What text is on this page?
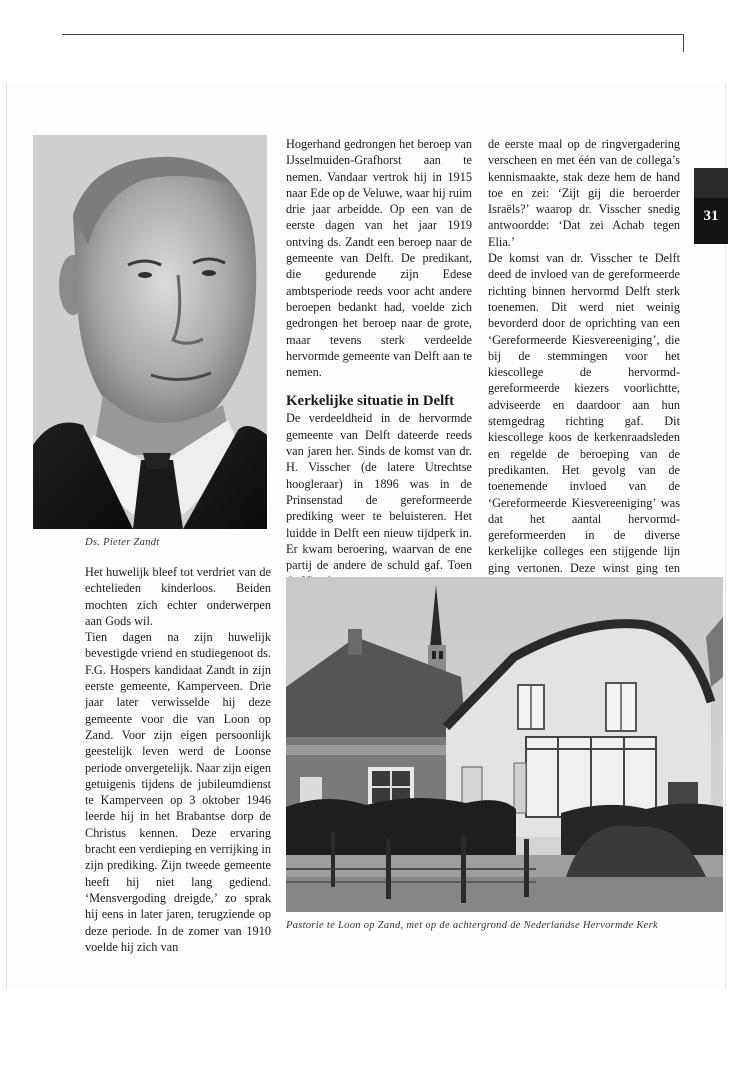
31
Ds. Pieter Zandt

Het huwelijk bleef tot verdriet van de echtelieden kinderloos. Beiden mochten zich echter onderwerpen aan Gods wil.

Tien dagen na zijn huwelijk bevestigde vriend en studiegenoot ds. F.G. Hospers kandidaat Zandt in zijn eerste gemeente, Kamperveen. Drie jaar later verwisselde hij deze gemeente voor die van Loon op Zand. Voor zijn eigen persoonlijk geestelijk leven werd de Loonse periode onvergetelijk. Naar zijn eigen getuigenis tijdens de jubileumdienst te Kamperveen op 3 oktober 1946 leerde hij in het Brabantse dorp de Christus kennen. Deze ervaring bracht een verdieping en verrijking in zijn prediking. Zijn tweede gemeente heeft hij niet lang gediend. ‘Mensvergoding dreigde,’ zo sprak hij eens in later jaren, terugziende op deze periode. In de zomer van 1910 voelde hij zich van

Hogerhand gedrongen het beroep van IJsselmuiden-Grafhorst aan te nemen. Vandaar vertrok hij in 1915 naar Ede op de Veluwe, waar hij ruim drie jaar arbeidde. Op een van de eerste dagen van het jaar 1919 ontving ds. Zandt een beroep naar de gemeente van Delft. De predikant, die gedurende zijn Edese ambtsperiode reeds voor acht andere beroepen bedankt had, voelde zich gedrongen het beroep naar de grote, maar tevens sterk verdeelde hervormde gemeente van Delft aan te nemen.

Kerkelijke situatie in Delft

De verdeeldheid in de hervormde gemeente van Delft dateerde reeds van jaren her. Sinds de komst van dr. H. Visscher (de latere Utrechtse hoogleraar) in 1896 was in de Prinsenstad de gereformeerde prediking weer te beluisteren. Het luidde in Delft een nieuw tijdperk in. Er kwam beroering, waarvan de ene partij de andere de schuld gaf. Toen

de eerste maal op de ringvergadering verscheen en met één van de collega’s kennismaakte, stak deze hem de hand toe en zei: ‘Zijt gij die beroerder Israëls?’ waarop dr. Visscher snedig antwoordde: ‘Dat zei Achab tegen Elia.’

De komst van dr. Visscher te Delft deed de invloed van de gereformeerde richting binnen hervormd Delft sterk toenemen. Dit werd niet weinig bevorderd door de oprichting van een ‘Gereformeerde Kiesvereeniging’, die bij de stemmingen voor het kiescollege de hervormd-gereformeerde kiezers voorlichtte, adviseerde en daardoor aan hun stemgedrag richting gaf. Dit kiescollege koos de kerkenraadsleden en regelde de beroeping van de predikanten. Het gevolg van de toenemende invloed van de ‘Gereformeerde Kiesvereeniging’ was dat het aantal hervormd-gereformeerden in de diverse kerkelijke colleges een stijgende lijn ging vertonen. Deze winst ging ten

Pastorie te Loon op Zand, met op de achtergrond de Nederlandse Hervormde Kerk
